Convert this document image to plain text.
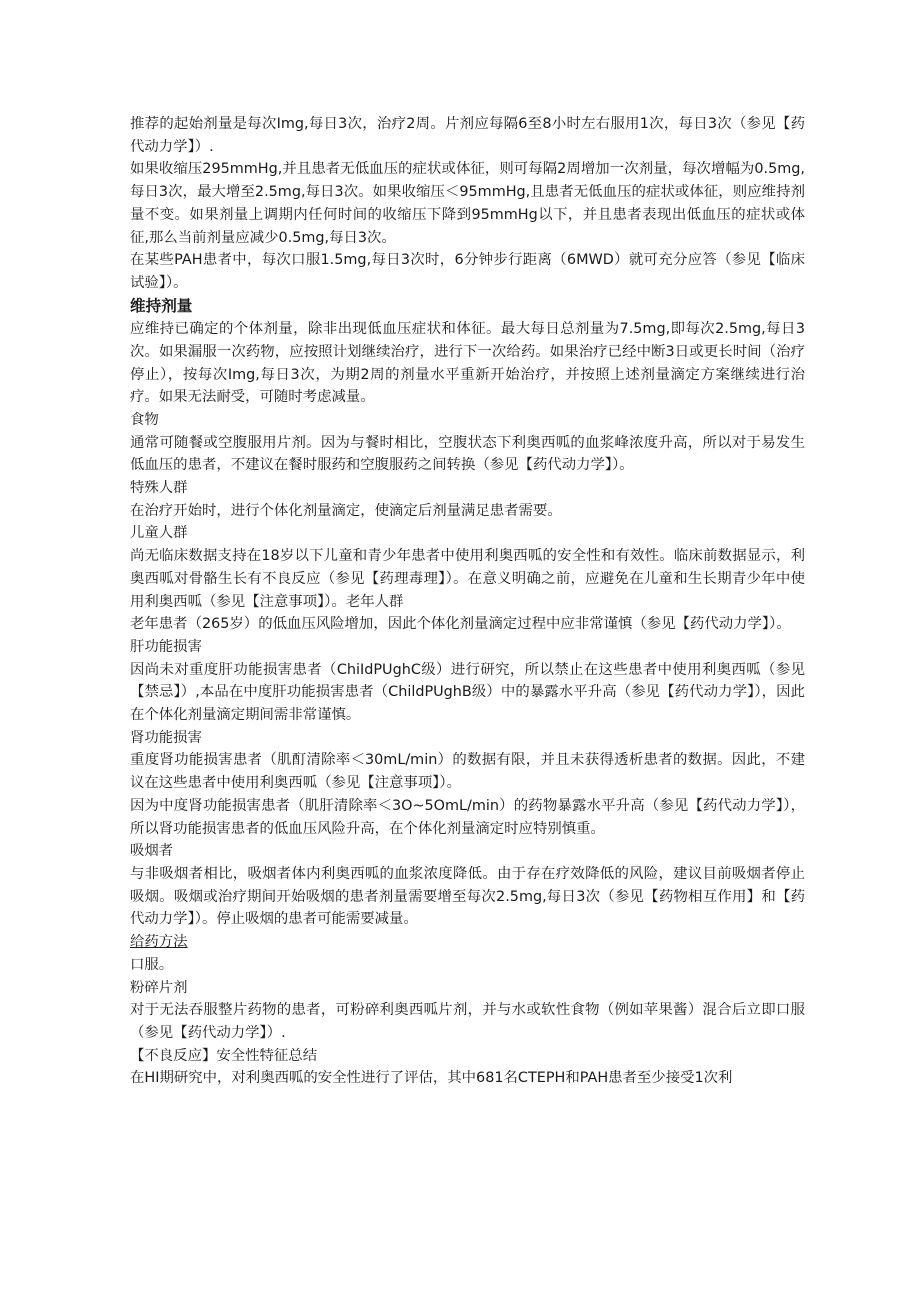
推荐的起始剂量是每次Img,每日3次，治疗2周。片剂应每隔6至8小时左右服用1次，每日3次（参见【药代动力学】）.

如果收缩压295mmHg,并且患者无低血压的症状或体征，则可每隔2周增加一次剂量，每次增幅为0.5mg,每日3次，最大增至2.5mg,每日3次。如果收缩压＜95mmHg,且患者无低血压的症状或体征，则应维持剂量不变。如果剂量上调期内任何时间的收缩压下降到95mmHg以下，并且患者表现出低血压的症状或体征,那么当前剂量应减少0.5mg,每日3次。

在某些PAH患者中，每次口服1.5mg,每日3次时，6分钟步行距离（6MWD）就可充分应答（参见【临床试验】）。

维持剂量

应维持已确定的个体剂量，除非出现低血压症状和体征。最大每日总剂量为7.5mg,即每次2.5mg,每日3次。如果漏服一次药物，应按照计划继续治疗，进行下一次给药。如果治疗已经中断3日或更长时间（治疗停止），按每次Img,每日3次，为期2周的剂量水平重新开始治疗，并按照上述剂量滴定方案继续进行治疗。如果无法耐受，可随时考虑减量。

食物

通常可随餐或空腹服用片剂。因为与餐时相比，空腹状态下利奥西呱的血浆峰浓度升高，所以对于易发生低血压的患者，不建议在餐时服药和空腹服药之间转换（参见【药代动力学】）。

特殊人群

在治疗开始时，进行个体化剂量滴定，使滴定后剂量满足患者需要。

儿童人群

尚无临床数据支持在18岁以下儿童和青少年患者中使用利奥西呱的安全性和有效性。临床前数据显示，利奥西呱对骨骼生长有不良反应（参见【药理毒理】）。在意义明确之前，应避免在儿童和生长期青少年中使用利奥西呱（参见【注意事项】）。老年人群

老年患者（265岁）的低血压风险增加，因此个体化剂量滴定过程中应非常谨慎（参见【药代动力学】）。

肝功能损害

因尚未对重度肝功能损害患者（ChiIdPUghC级）进行研究，所以禁止在这些患者中使用利奥西呱（参见【禁忌】）,本品在中度肝功能损害患者（ChildPUghB级）中的暴露水平升高（参见【药代动力学】），因此在个体化剂量滴定期间需非常谨慎。

肾功能损害

重度肾功能损害患者（肌酊清除率＜30mL∕min）的数据有限，并且未获得透析患者的数据。因此，不建议在这些患者中使用利奥西呱（参见【注意事项】）。

因为中度肾功能损害患者（肌肝清除率＜3O~5OmL∕min）的药物暴露水平升高（参见【药代动力学】），所以肾功能损害患者的低血压风险升高，在个体化剂量滴定时应特别慎重。

吸烟者

与非吸烟者相比，吸烟者体内利奥西呱的血浆浓度降低。由于存在疗效降低的风险，建议目前吸烟者停止吸烟。吸烟或治疗期间开始吸烟的患者剂量需要增至每次2.5mg,每日3次（参见【药物相互作用】和【药代动力学】）。停止吸烟的患者可能需要减量。

给药方法

口服。

粉碎片剂

对于无法吞服整片药物的患者，可粉碎利奥西呱片剂，并与水或软性食物（例如苹果酱）混合后立即口服（参见【药代动力学】）.

【不良反应】安全性特征总结

在HI期研究中，对利奥西呱的安全性进行了评估，其中681名CTEPH和PAH患者至少接受1次利
